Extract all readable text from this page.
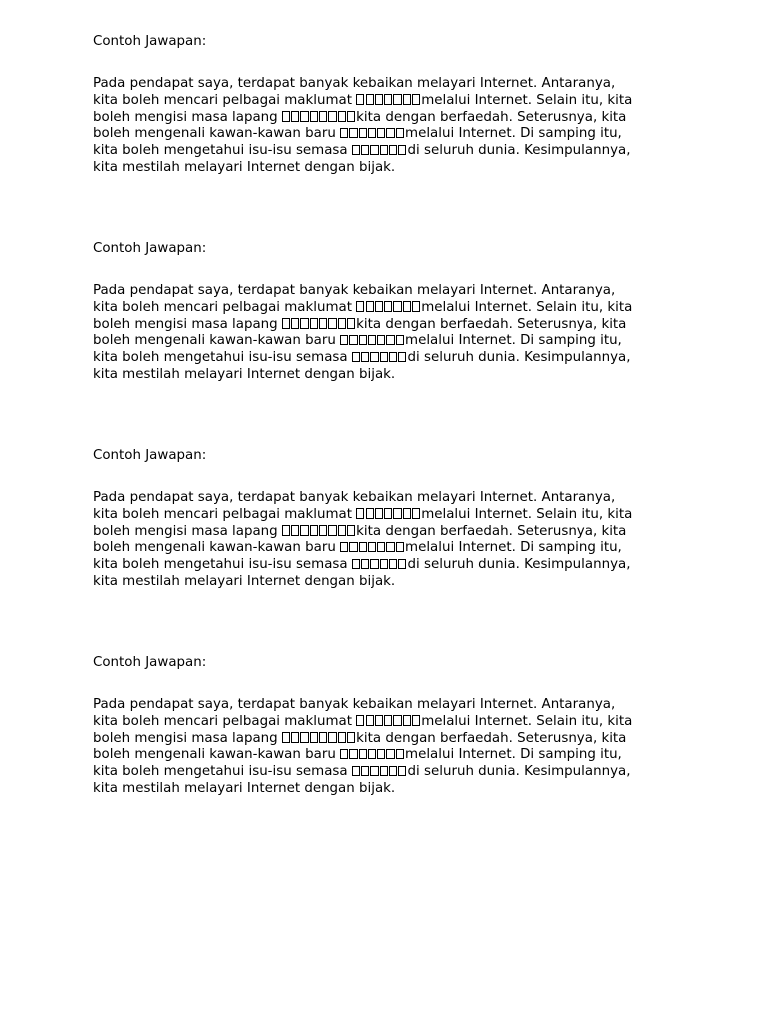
Contoh Jawapan:

Pada pendapat saya, terdapat banyak kebaikan melayari Internet. Antaranya,
kita boleh mencari pelbagai maklumat	melalui Internet. Selain itu, kita
boleh mengisi masa lapang	kita dengan berfaedah. Seterusnya, kita
boleh mengenali kawan-kawan baru	melalui Internet. Di samping itu,
kita boleh mengetahui isu-isu semasa	di seluruh dunia. Kesimpulannya,
kita mestilah melayari Internet dengan bijak.

Contoh Jawapan:

Pada pendapat saya, terdapat banyak kebaikan melayari Internet. Antaranya,
kita boleh mencari pelbagai maklumat	melalui Internet. Selain itu, kita
boleh mengisi masa lapang	kita dengan berfaedah. Seterusnya, kita
boleh mengenali kawan-kawan baru	melalui Internet. Di samping itu,
kita boleh mengetahui isu-isu semasa	di seluruh dunia. Kesimpulannya,
kita mestilah melayari Internet dengan bijak.

Contoh Jawapan:

Pada pendapat saya, terdapat banyak kebaikan melayari Internet. Antaranya,
kita boleh mencari pelbagai maklumat	melalui Internet. Selain itu, kita
boleh mengisi masa lapang	kita dengan berfaedah. Seterusnya, kita
boleh mengenali kawan-kawan baru	melalui Internet. Di samping itu,
kita boleh mengetahui isu-isu semasa	di seluruh dunia. Kesimpulannya,
kita mestilah melayari Internet dengan bijak.

Contoh Jawapan:

Pada pendapat saya, terdapat banyak kebaikan melayari Internet. Antaranya,
kita boleh mencari pelbagai maklumat	melalui Internet. Selain itu, kita
boleh mengisi masa lapang	kita dengan berfaedah. Seterusnya, kita
boleh mengenali kawan-kawan baru	melalui Internet. Di samping itu,
kita boleh mengetahui isu-isu semasa	di seluruh dunia. Kesimpulannya,
kita mestilah melayari Internet dengan bijak.
